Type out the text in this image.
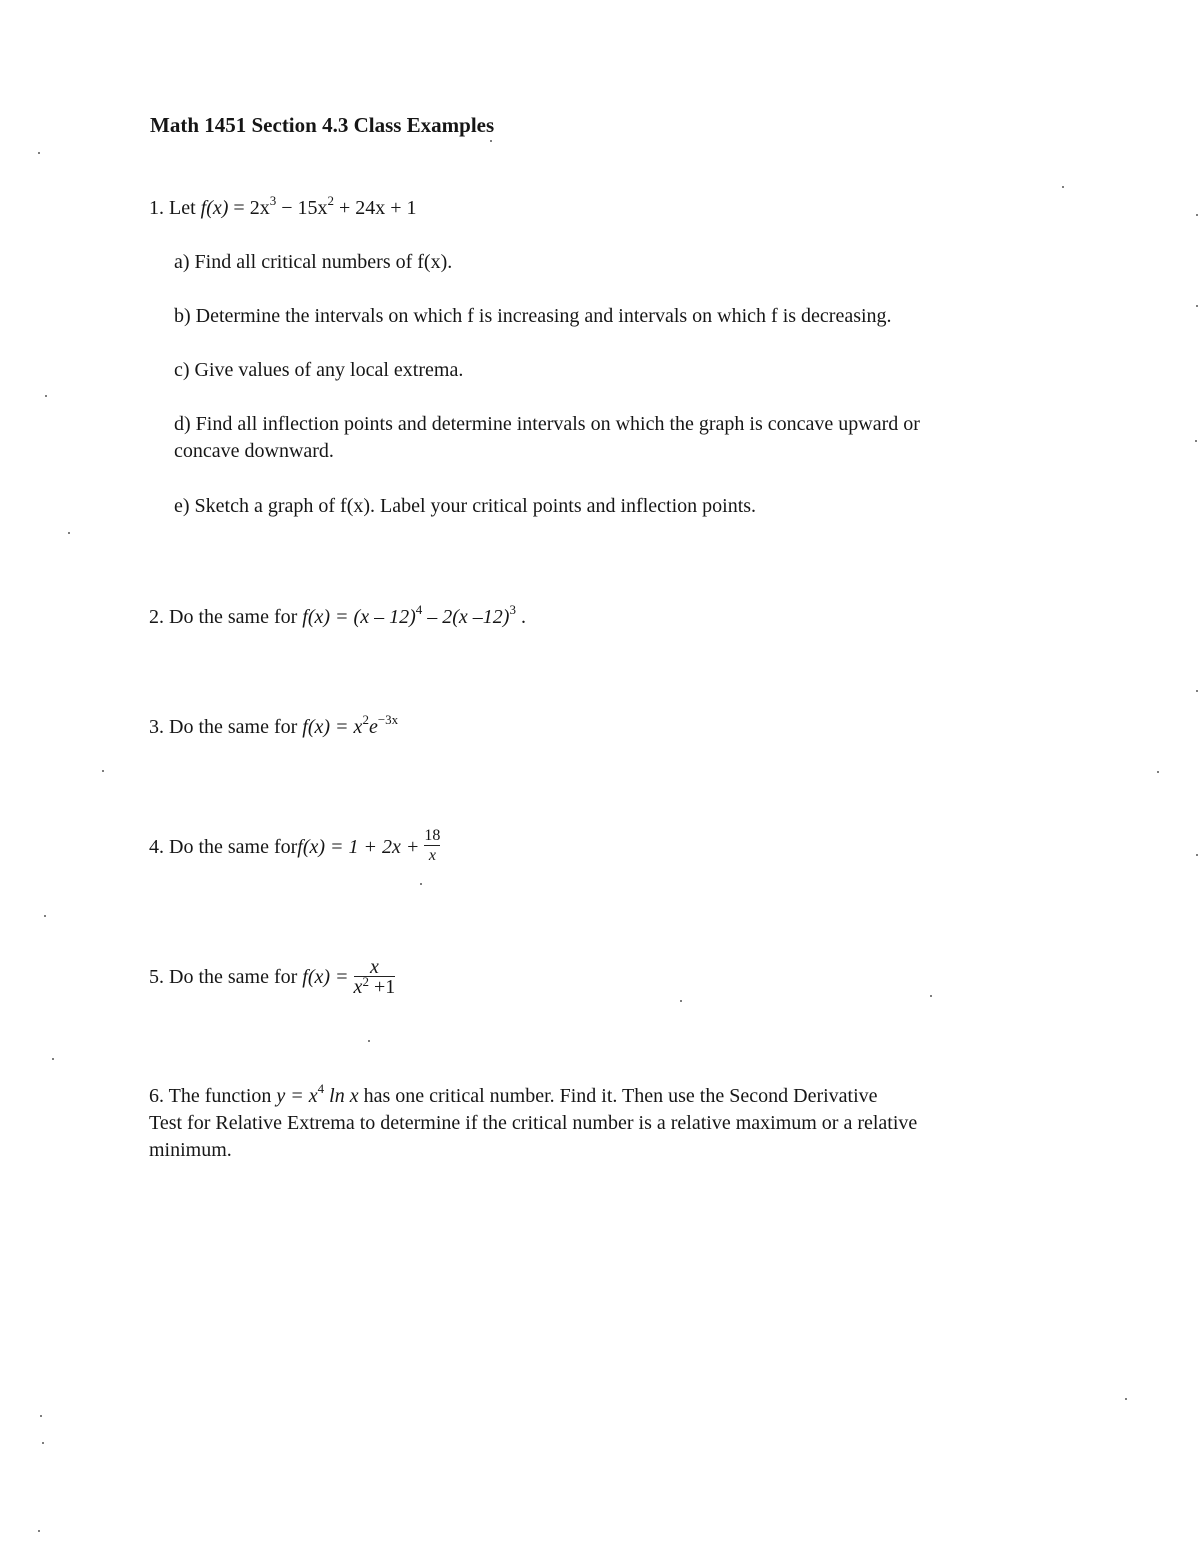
Math 1451 Section 4.3 Class Examples
1. Let $f(x) = 2x^3 - 15x^2 + 24x + 1$
a) Find all critical numbers of f(x).
b) Determine the intervals on which f is increasing and intervals on which f is decreasing.
c) Give values of any local extrema.
d) Find all inflection points and determine intervals on which the graph is concave upward or
concave downward.
e) Sketch a graph of f(x). Label your critical points and inflection points.
2. Do the same for f(x) = (x – 12)$^4$ – 2(x –12)$^3$ .
3. Do the same for $f(x) = x^2e^{-3x}$
4. Do the same forf(x) = $1 + 2x + \frac{18}{x}$
5. Do the same for $f(x) = \frac{x}{x^2 +1}$
6. The function $y = x^4$ ln x has one critical number. Find it. Then use the Second Derivative
Test for Relative Extrema to determine if the critical number is a relative maximum or a relative
minimum.
